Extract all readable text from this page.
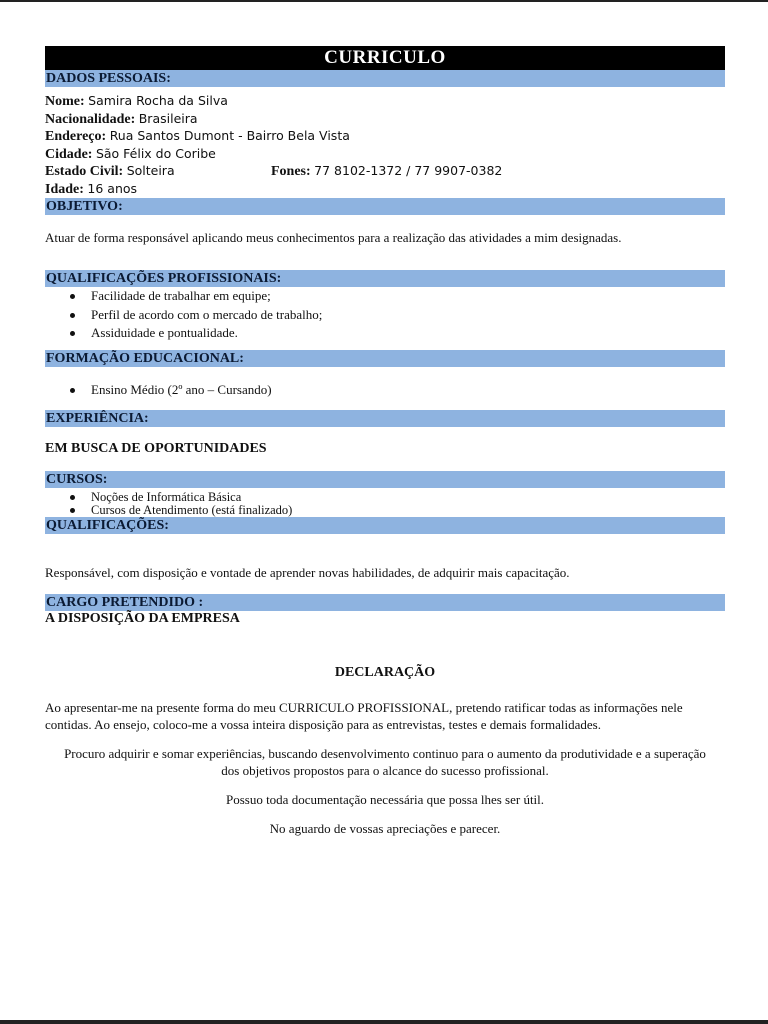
CURRICULO
DADOS PESSOAIS:
Nome: Samira Rocha da Silva
Nacionalidade: Brasileira
Endereço: Rua Santos Dumont - Bairro Bela Vista
Cidade: São Félix do Coribe
Estado Civil: Solteira	Fones: 77 8102-1372 / 77 9907-0382
Idade: 16 anos
OBJETIVO:
Atuar de forma responsável aplicando meus conhecimentos para a realização das atividades a mim designadas.
QUALIFICAÇÕES PROFISSIONAIS:
Facilidade de trabalhar em equipe;
Perfil de acordo com o mercado de trabalho;
Assiduidade e pontualidade.
FORMAÇÃO EDUCACIONAL:
Ensino Médio (2º ano – Cursando)
EXPERIÊNCIA:
EM BUSCA DE OPORTUNIDADES
CURSOS:
Noções de Informática Básica
Cursos de Atendimento (está finalizado)
QUALIFICAÇÕES:
Responsável, com disposição e vontade de aprender novas habilidades, de adquirir mais capacitação.
CARGO PRETENDIDO :
A DISPOSIÇÃO DA EMPRESA
DECLARAÇÃO
Ao apresentar-me na presente forma do meu CURRICULO PROFISSIONAL, pretendo ratificar todas as informações nele contidas. Ao ensejo, coloco-me a vossa inteira disposição para as entrevistas, testes e demais formalidades.
Procuro adquirir e somar experiências, buscando desenvolvimento continuo para o aumento da produtividade e a superação dos objetivos propostos para o alcance do sucesso profissional.
Possuo toda documentação necessária que possa lhes ser útil.
No aguardo de vossas apreciações e parecer.
